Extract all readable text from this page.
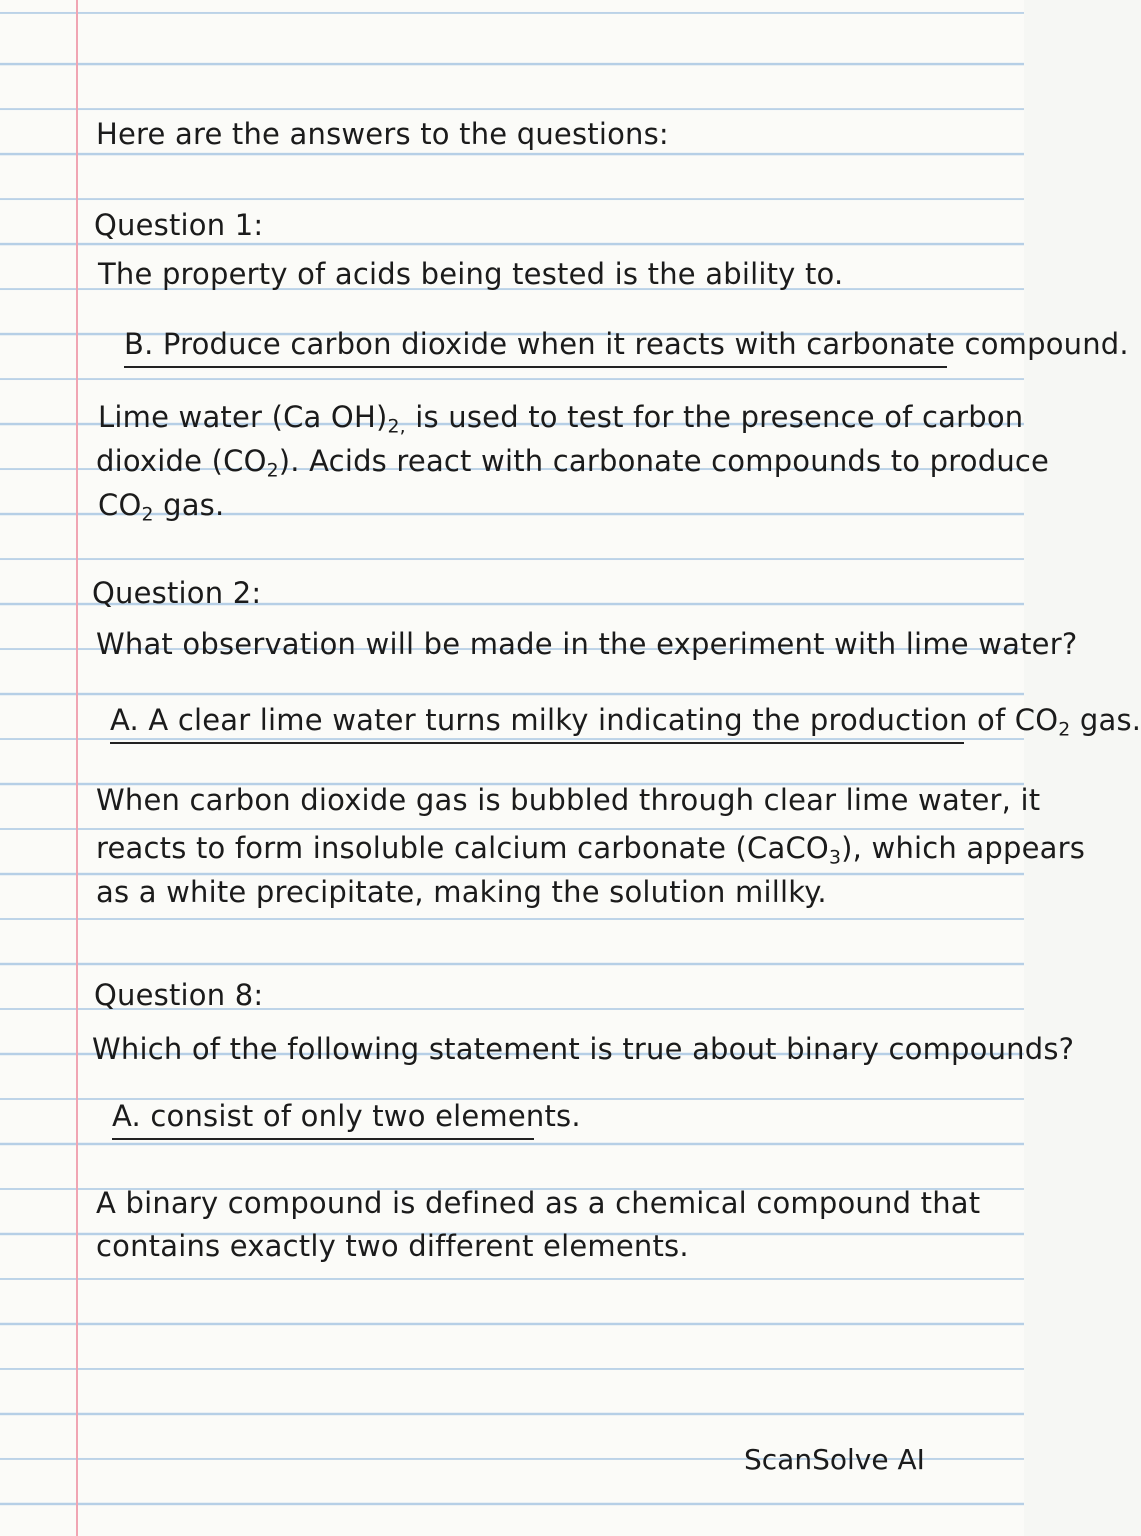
Here are the answers to the questions:

Question 1:

The property of acids being tested is the ability to.

B. Produce carbon dioxide when it reacts with carbonate compound.

Lime water (Ca $OH)_{2,}$ is used to test for the presence of carbon

dioxide $(CO_2)$. Acids react with carbonate compounds to produce

$CO_2$ gas.

Question 2:

What observation will be made in the experiment with lime water?

A. A clear lime water turns milky indicating the production of $CO_2$ gas.

When carbon dioxide gas is bubbled through clear lime water, it

reacts to form insoluble calcium carbonate (CaCO$_3$), which appears

as a white precipitate, making the solution millky.

Question 8:

Which of the following statement is true about binary compounds?

A. consist of only two elements.

A binary compound is defined as a chemical compound that

contains exactly two different elements.

ScanSolve AI
